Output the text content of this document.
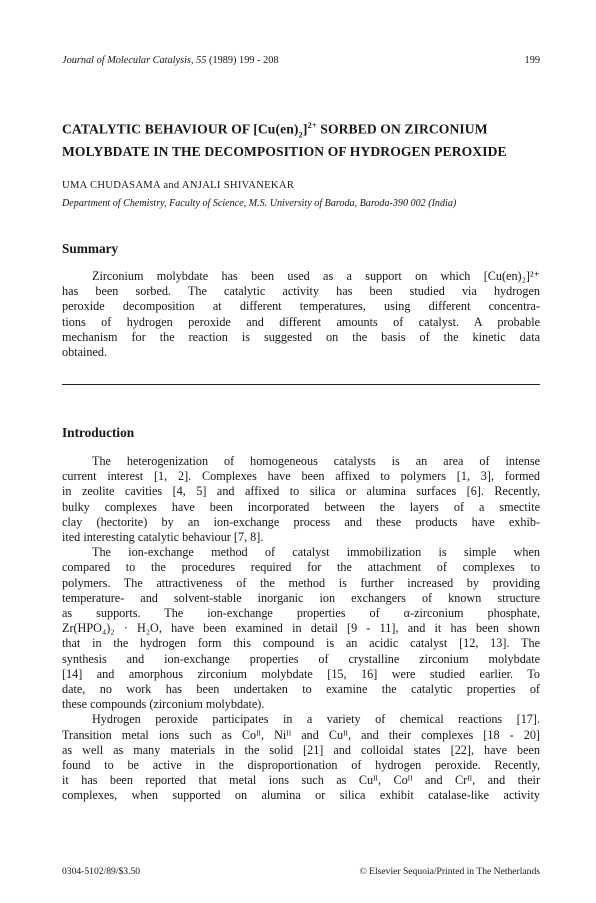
Journal of Molecular Catalysis, 55 (1989) 199 - 208	199
CATALYTIC BEHAVIOUR OF $[Cu(en)_2]^{2+}$ SORBED ON ZIRCONIUM
MOLYBDATE IN THE DECOMPOSITION OF HYDROGEN PEROXIDE
UMA CHUDASAMA and ANJALI SHIVANEKAR
Department of Chemistry, Faculty of Science, M.S. University of Baroda, Baroda-390 002 (India)
Summary
Zirconium molybdate has been used as a support on which [Cu(en)₂]²⁺
has been sorbed. The catalytic activity has been studied via hydrogen
peroxide decomposition at different temperatures, using different concentra-
tions of hydrogen peroxide and different amounts of catalyst. A probable
mechanism for the reaction is suggested on the basis of the kinetic data
obtained.
Introduction
The heterogenization of homogeneous catalysts is an area of intense
current interest [1, 2]. Complexes have been affixed to polymers [1, 3], formed
in zeolite cavities [4, 5] and affixed to silica or alumina surfaces [6]. Recently,
bulky complexes have been incorporated between the layers of a smectite
clay (hectorite) by an ion-exchange process and these products have exhib-
ited interesting catalytic behaviour [7, 8].
The ion-exchange method of catalyst immobilization is simple when
compared to the procedures required for the attachment of complexes to
polymers. The attractiveness of the method is further increased by providing
temperature- and solvent-stable inorganic ion exchangers of known structure
as supports. The ion-exchange properties of α-zirconium phosphate,
Zr(HPO₄)₂ · H₂O, have been examined in detail [9 - 11], and it has been shown
that in the hydrogen form this compound is an acidic catalyst [12, 13]. The
synthesis and ion-exchange properties of crystalline zirconium molybdate
[14] and amorphous zirconium molybdate [15, 16] were studied earlier. To
date, no work has been undertaken to examine the catalytic properties of
these compounds (zirconium molybdate).
Hydrogen peroxide participates in a variety of chemical reactions [17].
Transition metal ions such as Coᴵᴵ, Niᴵᴵ and Cuᴵᴵ, and their complexes [18 - 20]
as well as many materials in the solid [21] and colloidal states [22], have been
found to be active in the disproportionation of hydrogen peroxide. Recently,
it has been reported that metal ions such as Cuᴵᴵ, Coᴵᴵ and Crᴵᴵ, and their
complexes, when supported on alumina or silica exhibit catalase-like activity
0304-5102/89/$3.50	© Elsevier Sequoia/Printed in The Netherlands
